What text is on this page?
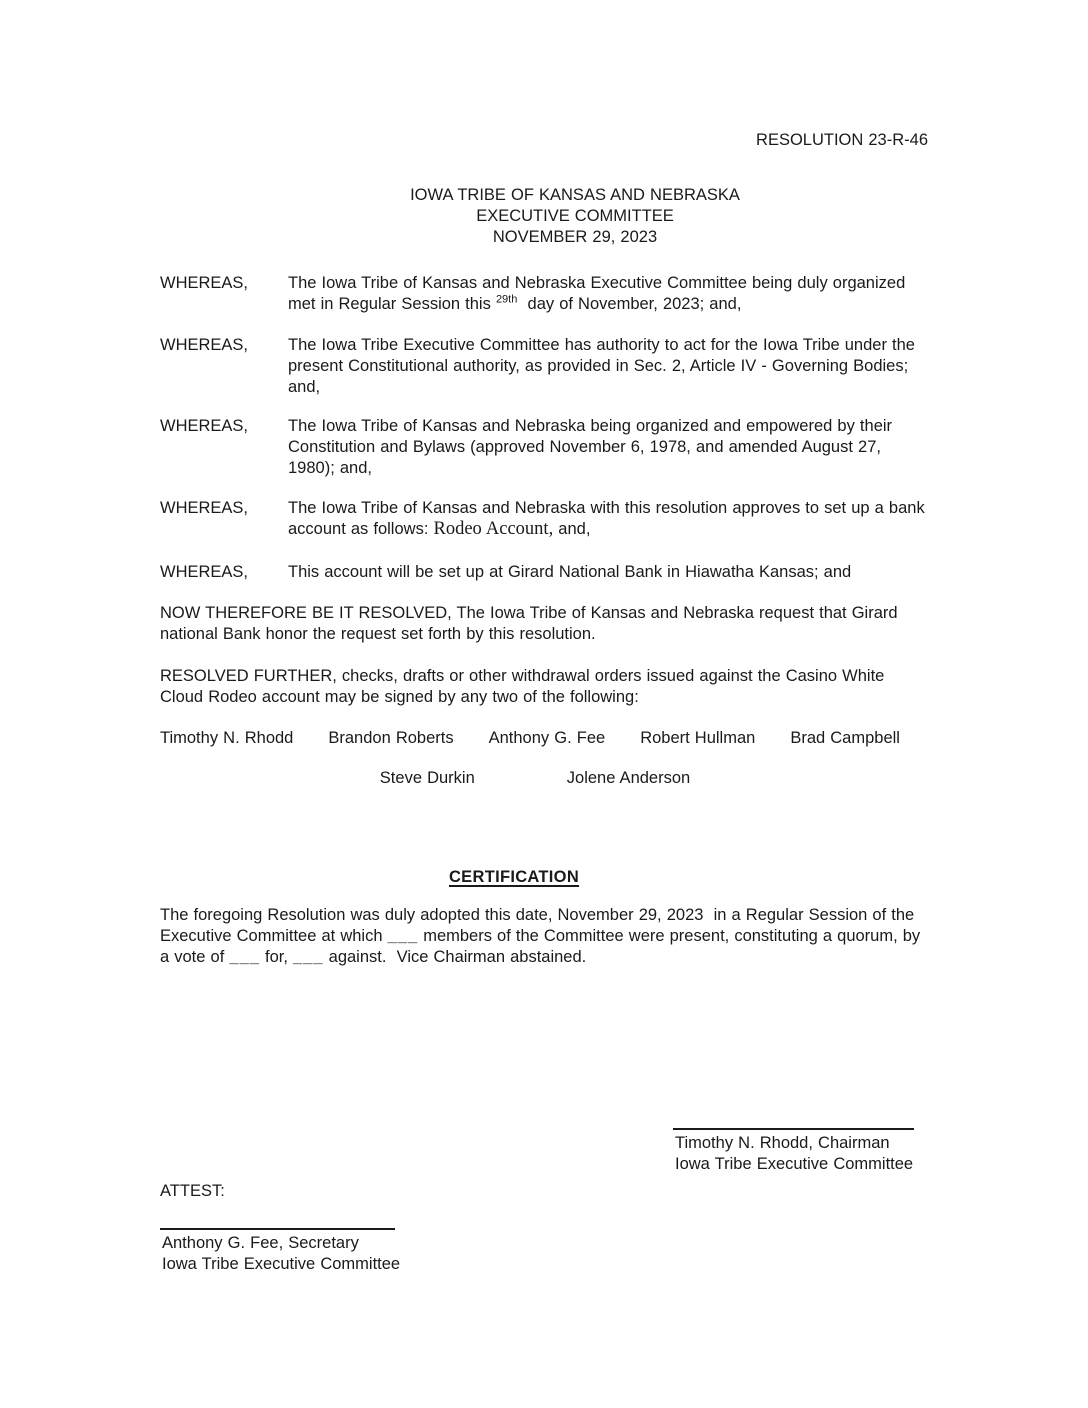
RESOLUTION 23-R-46
IOWA TRIBE OF KANSAS AND NEBRASKA
EXECUTIVE COMMITTEE
NOVEMBER 29, 2023
WHEREAS,	The Iowa Tribe of Kansas and Nebraska Executive Committee being duly organized met in Regular Session this $^{29th}$  day of November, 2023; and,
WHEREAS,	The Iowa Tribe Executive Committee has authority to act for the Iowa Tribe under the present Constitutional authority, as provided in Sec. 2, Article IV - Governing Bodies; and,
WHEREAS,	The Iowa Tribe of Kansas and Nebraska being organized and empowered by their Constitution and Bylaws (approved November 6, 1978, and amended August 27, 1980); and,
WHEREAS,	The Iowa Tribe of Kansas and Nebraska with this resolution approves to set up a bank account as follows: Rodeo Account, and,
WHEREAS,	This account will be set up at Girard National Bank in Hiawatha Kansas; and
NOW THEREFORE BE IT RESOLVED, The Iowa Tribe of Kansas and Nebraska request that Girard national Bank honor the request set forth by this resolution.
RESOLVED FURTHER, checks, drafts or other withdrawal orders issued against the Casino White Cloud Rodeo account may be signed by any two of the following:
Timothy N. Rhodd Brandon Roberts Anthony G. Fee Robert Hullman Brad Campbell
Steve Durkin	Jolene Anderson
CERTIFICATION
The foregoing Resolution was duly adopted this date, November 29, 2023  in a Regular Session of the Executive Committee at which ___ members of the Committee were present, constituting a quorum, by a vote of ___ for, ___ against.  Vice Chairman abstained.
Timothy N. Rhodd, Chairman
Iowa Tribe Executive Committee
ATTEST:
Anthony G. Fee, Secretary
Iowa Tribe Executive Committee
